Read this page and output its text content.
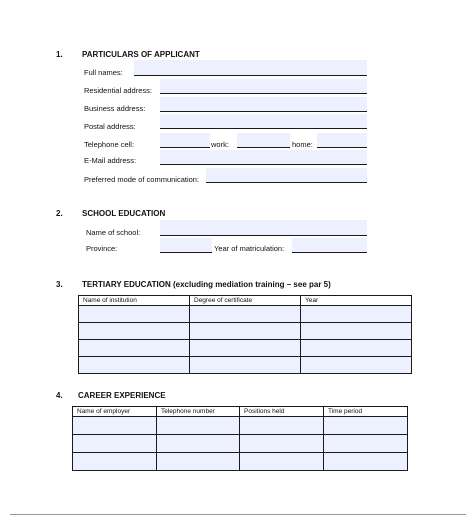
1. PARTICULARS OF APPLICANT
Full names:
Residential address:
Business address:
Postal address:
Telephone cell:	work:	home:
E-Mail address:
Preferred mode of communication:
2. SCHOOL EDUCATION
Name of school:
Province:	Year of matriculation:
3. TERTIARY EDUCATION (excluding mediation training – see par 5)
Name of institution	Degree of certificate	Year

4. CAREER EXPERIENCE
Name of employer	Telephone number	Positions held	Time period
